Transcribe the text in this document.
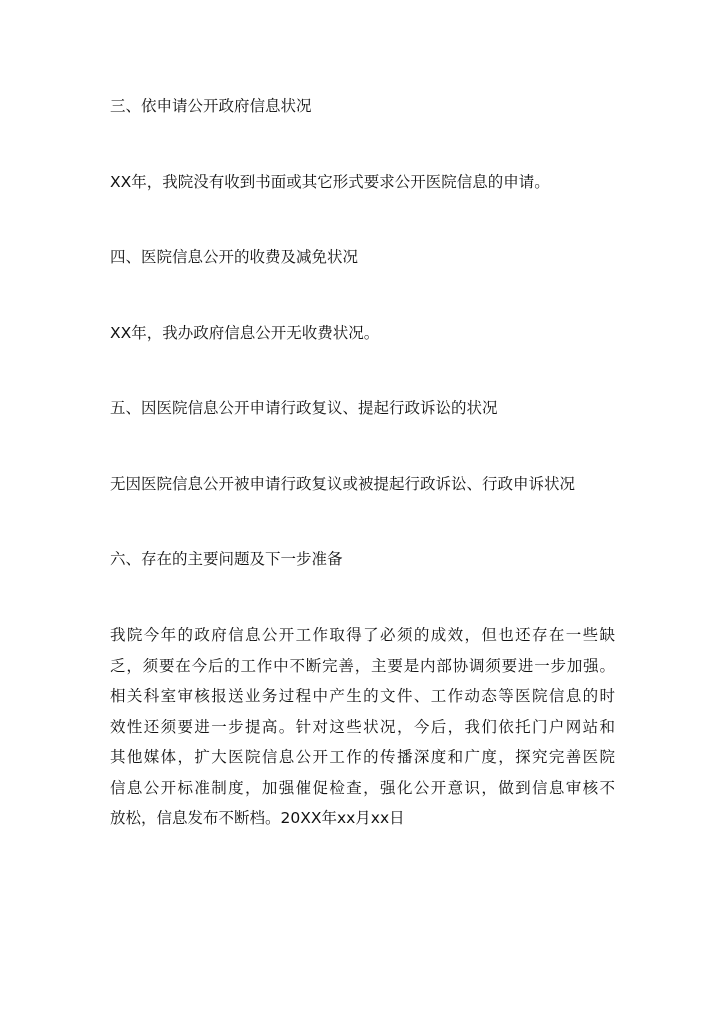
三、依申请公开政府信息状况
XX年，我院没有收到书面或其它形式要求公开医院信息的申请。
四、医院信息公开的收费及减免状况
XX年，我办政府信息公开无收费状况。
五、因医院信息公开申请行政复议、提起行政诉讼的状况
无因医院信息公开被申请行政复议或被提起行政诉讼、行政申诉状况
六、存在的主要问题及下一步准备
我院今年的政府信息公开工作取得了必须的成效，但也还存在一些缺
乏，须要在今后的工作中不断完善，主要是内部协调须要进一步加强。
相关科室审核报送业务过程中产生的文件、工作动态等医院信息的时
效性还须要进一步提高。针对这些状况，今后，我们依托门户网站和
其他媒体，扩大医院信息公开工作的传播深度和广度，探究完善医院
信息公开标准制度，加强催促检查，强化公开意识，做到信息审核不
放松，信息发布不断档。20XX年xx月xx日
